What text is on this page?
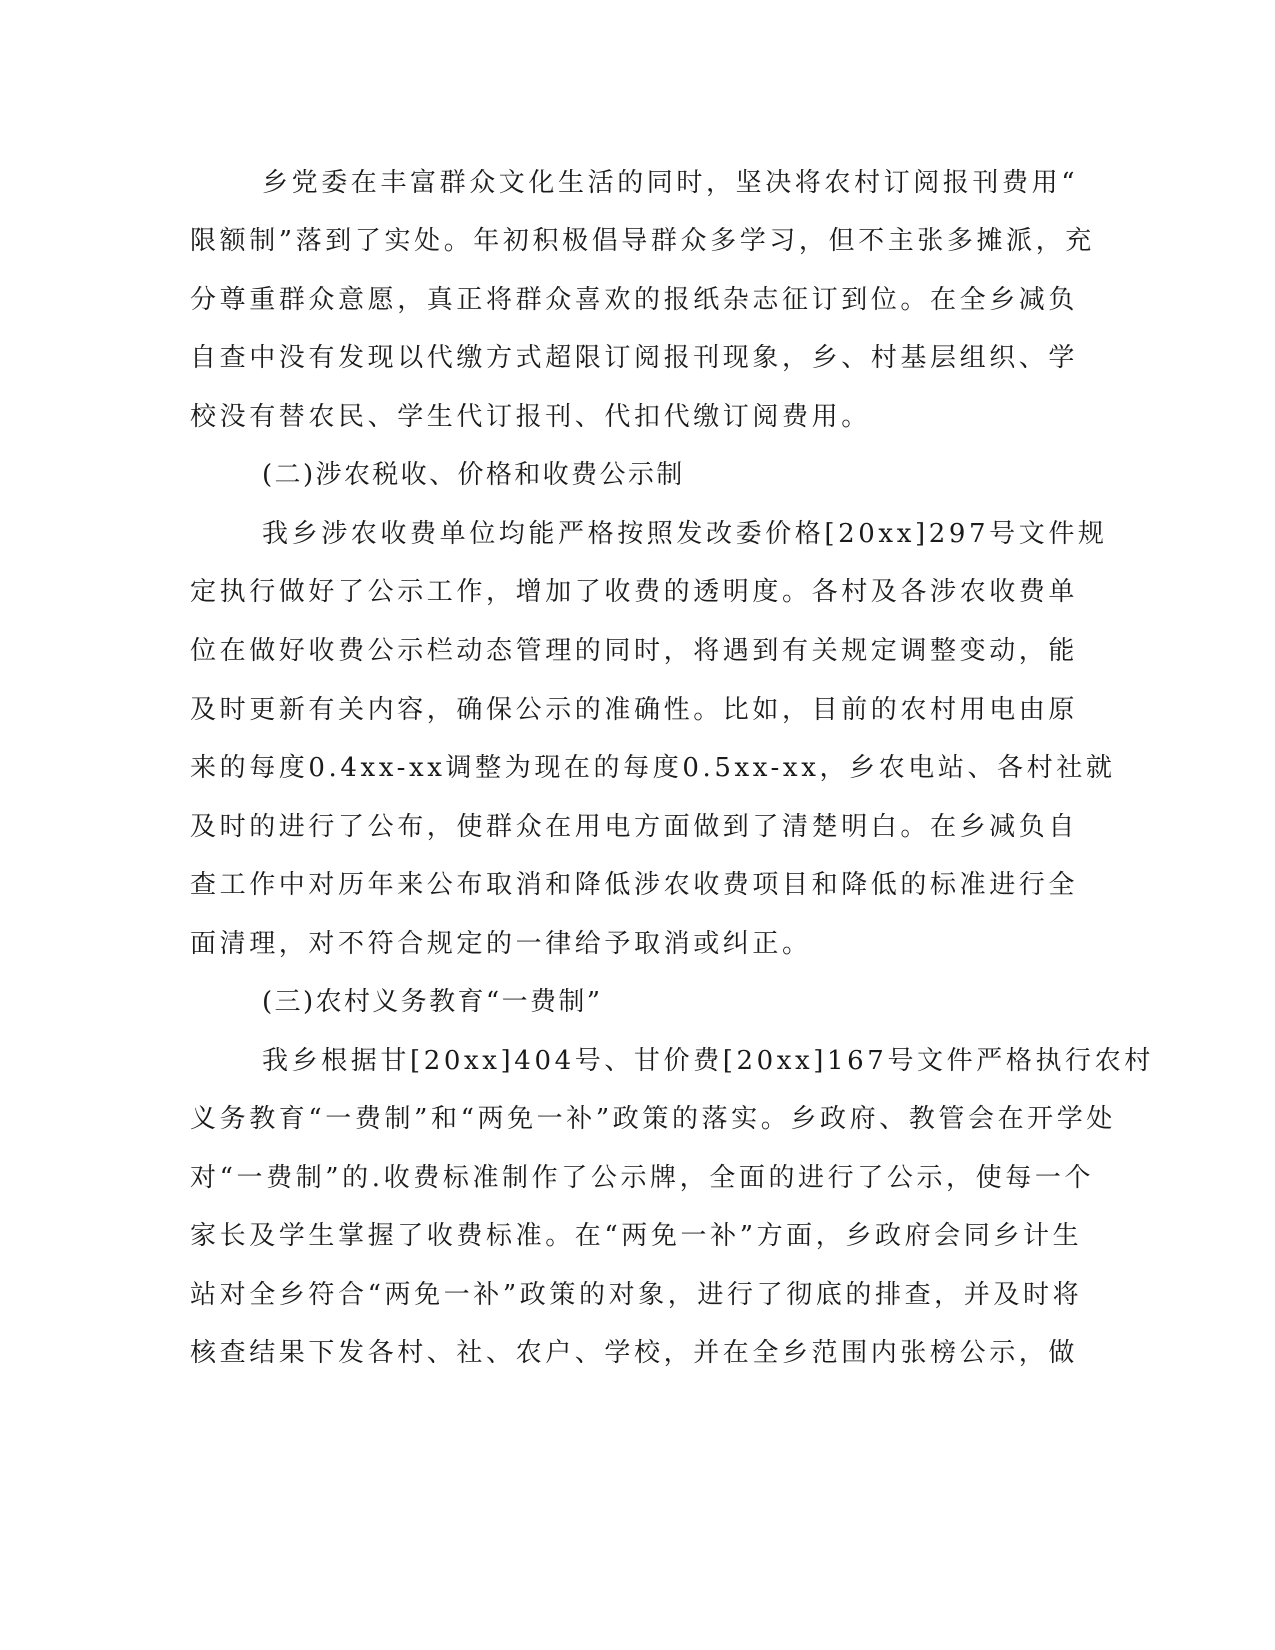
乡党委在丰富群众文化生活的同时，坚决将农村订阅报刊费用“
限额制”落到了实处。年初积极倡导群众多学习，但不主张多摊派，充
分尊重群众意愿，真正将群众喜欢的报纸杂志征订到位。在全乡减负
自查中没有发现以代缴方式超限订阅报刊现象，乡、村基层组织、学
校没有替农民、学生代订报刊、代扣代缴订阅费用。
(二)涉农税收、价格和收费公示制
我乡涉农收费单位均能严格按照发改委价格[20xx]297号文件规
定执行做好了公示工作，增加了收费的透明度。各村及各涉农收费单
位在做好收费公示栏动态管理的同时，将遇到有关规定调整变动，能
及时更新有关内容，确保公示的准确性。比如，目前的农村用电由原
来的每度0.4xx-xx调整为现在的每度0.5xx-xx，乡农电站、各村社就
及时的进行了公布，使群众在用电方面做到了清楚明白。在乡减负自
查工作中对历年来公布取消和降低涉农收费项目和降低的标准进行全
面清理，对不符合规定的一律给予取消或纠正。
(三)农村义务教育“一费制”
我乡根据甘[20xx]404号、甘价费[20xx]167号文件严格执行农村
义务教育“一费制”和“两免一补”政策的落实。乡政府、教管会在开学处
对“一费制”的.收费标准制作了公示牌，全面的进行了公示，使每一个
家长及学生掌握了收费标准。在“两免一补”方面，乡政府会同乡计生
站对全乡符合“两免一补”政策的对象，进行了彻底的排查，并及时将
核查结果下发各村、社、农户、学校，并在全乡范围内张榜公示，做
